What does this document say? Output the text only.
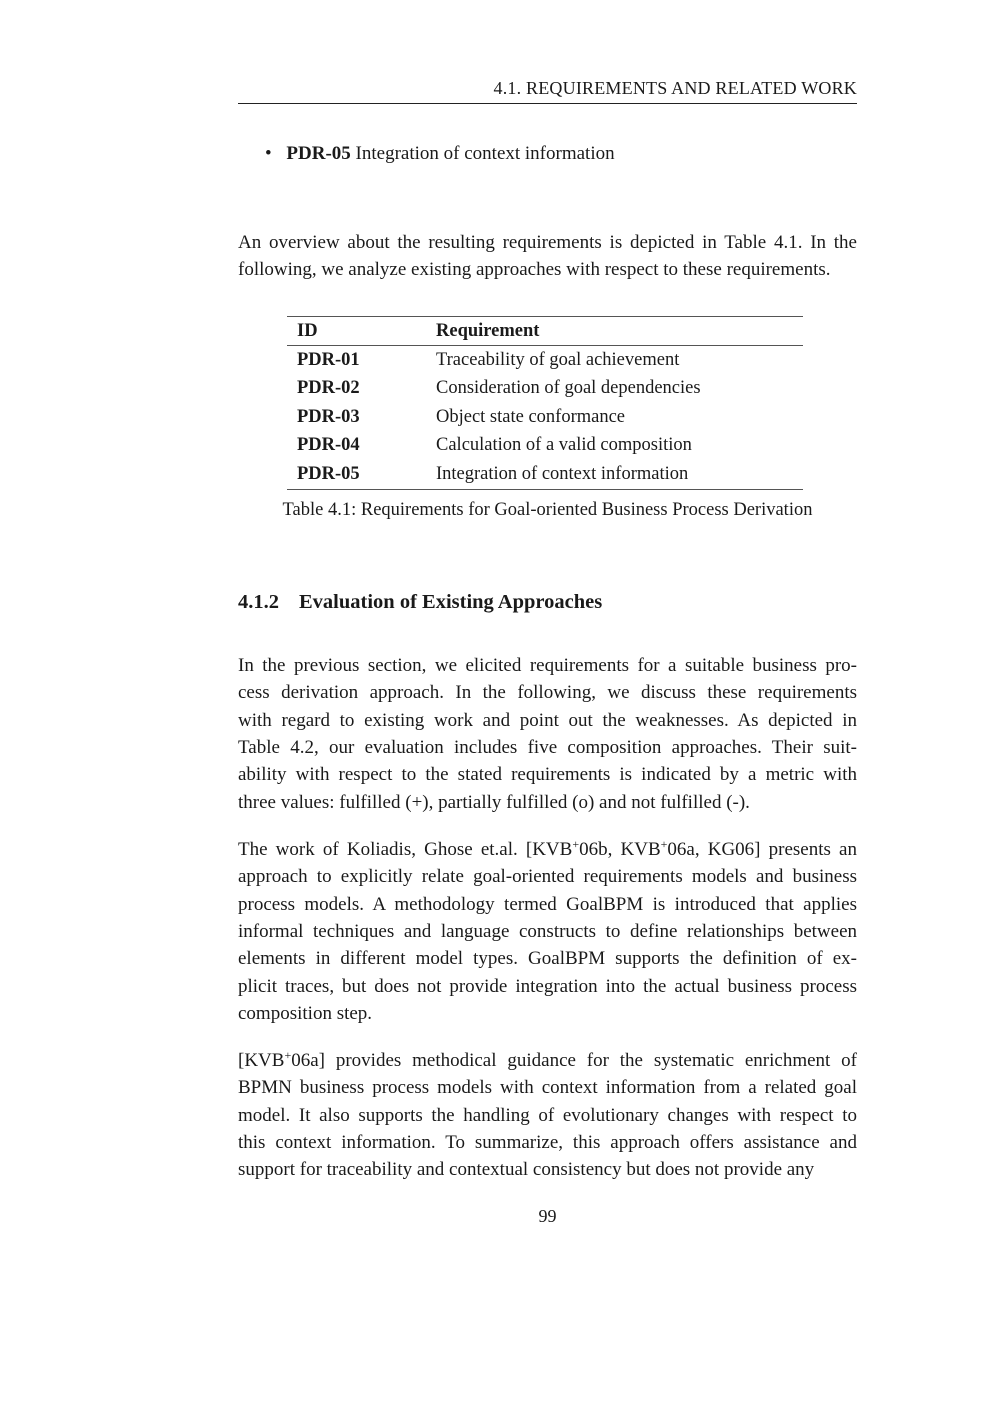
4.1. REQUIREMENTS AND RELATED WORK
• PDR-05 Integration of context information
An overview about the resulting requirements is depicted in Table 4.1. In the
following, we analyze existing approaches with respect to these requirements.
ID	Requirement
PDR-01	Traceability of goal achievement
PDR-02	Consideration of goal dependencies
PDR-03	Object state conformance
PDR-04	Calculation of a valid composition
PDR-05	Integration of context information
Table 4.1: Requirements for Goal-oriented Business Process Derivation
4.1.2 Evaluation of Existing Approaches
In the previous section, we elicited requirements for a suitable business pro-
cess derivation approach. In the following, we discuss these requirements
with regard to existing work and point out the weaknesses. As depicted in
Table 4.2, our evaluation includes five composition approaches. Their suit-
ability with respect to the stated requirements is indicated by a metric with
three values: fulfilled (+), partially fulfilled (o) and not fulfilled (-).
The work of Koliadis, Ghose et.al. [KVB+06b, KVB+06a, KG06] presents an
approach to explicitly relate goal-oriented requirements models and business
process models. A methodology termed GoalBPM is introduced that applies
informal techniques and language constructs to define relationships between
elements in different model types. GoalBPM supports the definition of ex-
plicit traces, but does not provide integration into the actual business process
composition step.
[KVB+06a] provides methodical guidance for the systematic enrichment of
BPMN business process models with context information from a related goal
model. It also supports the handling of evolutionary changes with respect to
this context information. To summarize, this approach offers assistance and
support for traceability and contextual consistency but does not provide any
99
